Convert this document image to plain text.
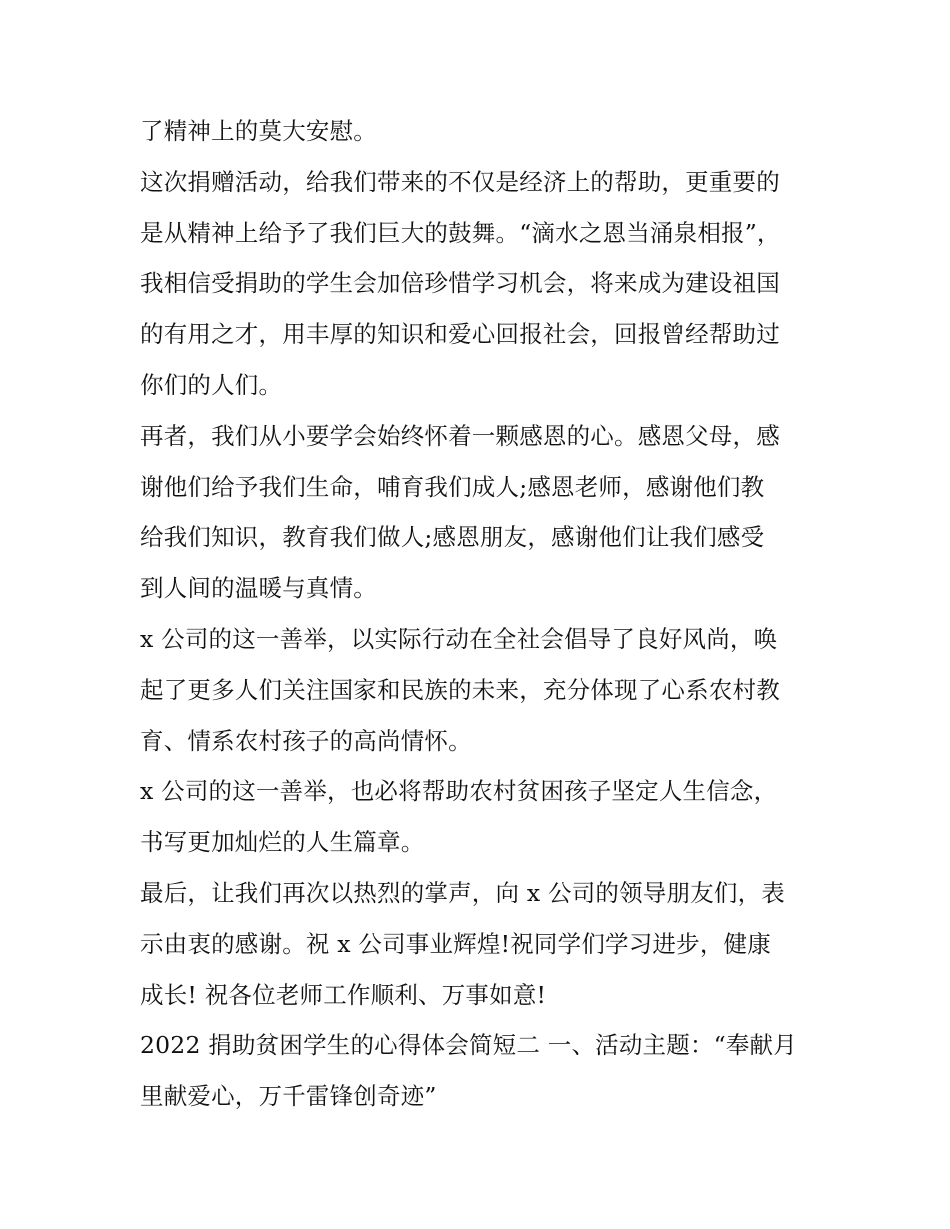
了精神上的莫大安慰。
这次捐赠活动，给我们带来的不仅是经济上的帮助，更重要的
是从精神上给予了我们巨大的鼓舞。“滴水之恩当涌泉相报”，
我相信受捐助的学生会加倍珍惜学习机会，将来成为建设祖国
的有用之才，用丰厚的知识和爱心回报社会，回报曾经帮助过
你们的人们。
再者，我们从小要学会始终怀着一颗感恩的心。感恩父母，感
谢他们给予我们生命，哺育我们成人;感恩老师，感谢他们教
给我们知识，教育我们做人;感恩朋友，感谢他们让我们感受
到人间的温暖与真情。
x 公司的这一善举，以实际行动在全社会倡导了良好风尚，唤
起了更多人们关注国家和民族的未来，充分体现了心系农村教
育、情系农村孩子的高尚情怀。
x 公司的这一善举，也必将帮助农村贫困孩子坚定人生信念，
书写更加灿烂的人生篇章。
最后，让我们再次以热烈的掌声，向 x 公司的领导朋友们，表
示由衷的感谢。祝 x 公司事业辉煌!祝同学们学习进步，健康
成长! 祝各位老师工作顺利、万事如意!
2022 捐助贫困学生的心得体会简短二 一、活动主题：“奉献月
里献爱心，万千雷锋创奇迹”
